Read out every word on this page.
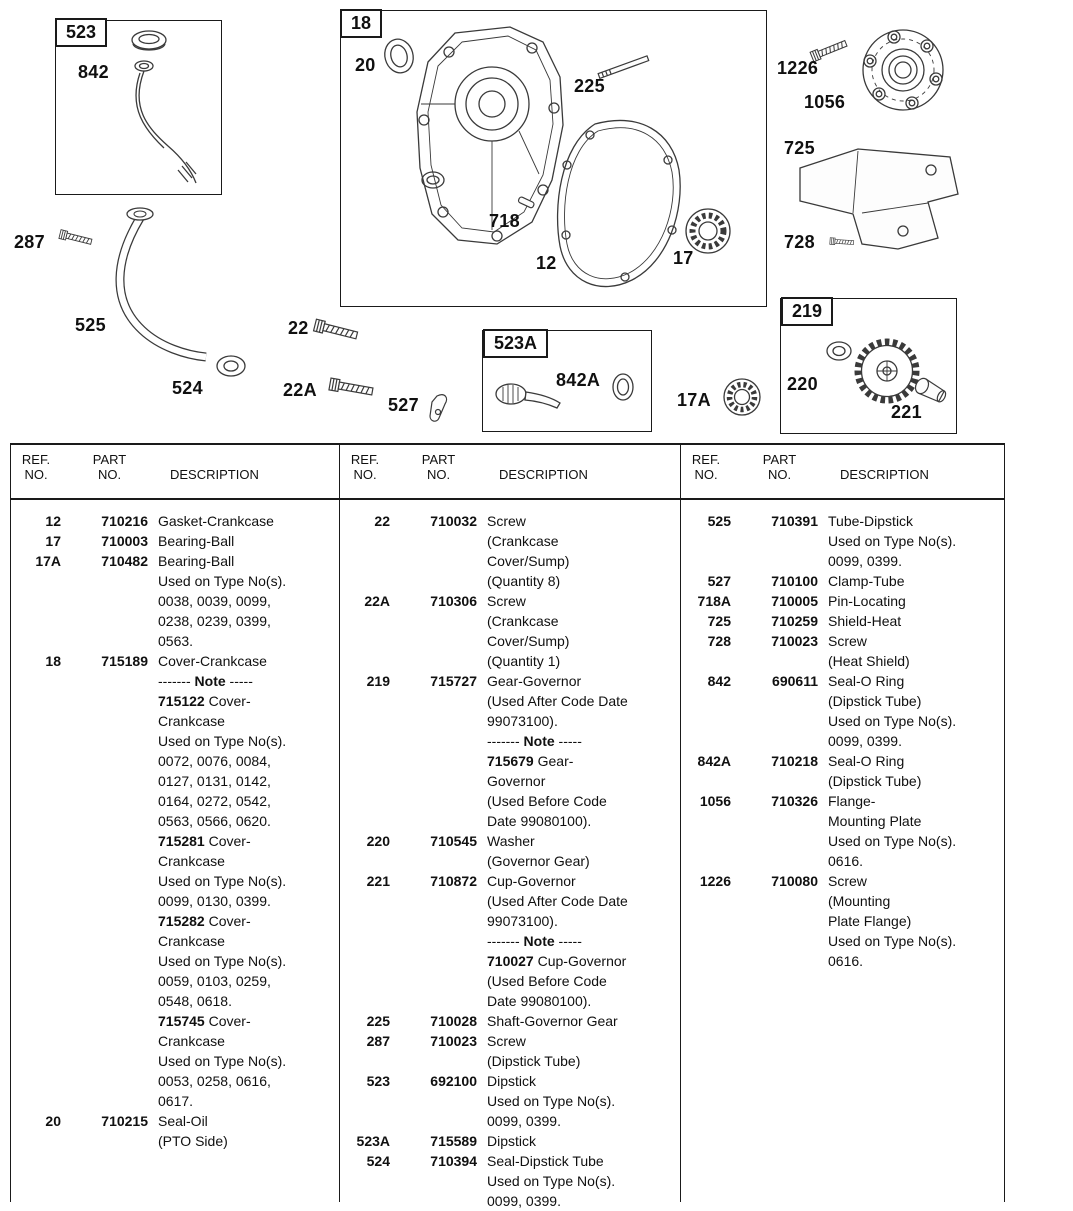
523	18
523A
219
842
287
525
524
20
225
718
12	17
22
22A
527
842A
17A
1226
1056
725
728
220
221
REF.
NO.
PART
NO.	DESCRIPTION
12	710216 Gasket-Crankcase
17	710003 Bearing-Ball
17A	710482 Bearing-Ball
Used on Type No(s).
0038, 0039, 0099,
0238, 0239, 0399,
0563.
18	715189 Cover-Crankcase
------- Note -----
715122 Cover-
Crankcase
Used on Type No(s).
0072, 0076, 0084,
0127, 0131, 0142,
0164, 0272, 0542,
0563, 0566, 0620.
715281 Cover-
Crankcase
Used on Type No(s).
0099, 0130, 0399.
715282 Cover-
Crankcase
Used on Type No(s).
0059, 0103, 0259,
0548, 0618.
715745 Cover-
Crankcase
Used on Type No(s).
0053, 0258, 0616,
0617.
20	710215 Seal-Oil
(PTO Side)
REF.
NO.
PART
NO.	DESCRIPTION
22	710032 Screw
(Crankcase
Cover/Sump)
(Quantity 8)
22A	710306 Screw
(Crankcase
Cover/Sump)
(Quantity 1)
219	715727 Gear-Governor
(Used After Code Date
99073100).
------- Note -----
715679 Gear-
Governor
(Used Before Code
Date 99080100).
220	710545 Washer
(Governor Gear)
221	710872 Cup-Governor
(Used After Code Date
99073100).
------- Note -----
710027 Cup-Governor
(Used Before Code
Date 99080100).
225	710028 Shaft-Governor Gear
287	710023 Screw
(Dipstick Tube)
523	692100 Dipstick
Used on Type No(s).
0099, 0399.
523A	715589 Dipstick
524	710394 Seal-Dipstick Tube
Used on Type No(s).
0099, 0399.
REF.
NO.
PART
NO.	DESCRIPTION
525	710391 Tube-Dipstick
Used on Type No(s).
0099, 0399.
527	710100 Clamp-Tube
718A	710005 Pin-Locating
725	710259 Shield-Heat
728	710023 Screw
(Heat Shield)
842	690611 Seal-O Ring
(Dipstick Tube)
Used on Type No(s).
0099, 0399.
842A	710218 Seal-O Ring
(Dipstick Tube)
1056	710326 Flange-
Mounting Plate
Used on Type No(s).
0616.
1226	710080 Screw
(Mounting
Plate Flange)
Used on Type No(s).
0616.
